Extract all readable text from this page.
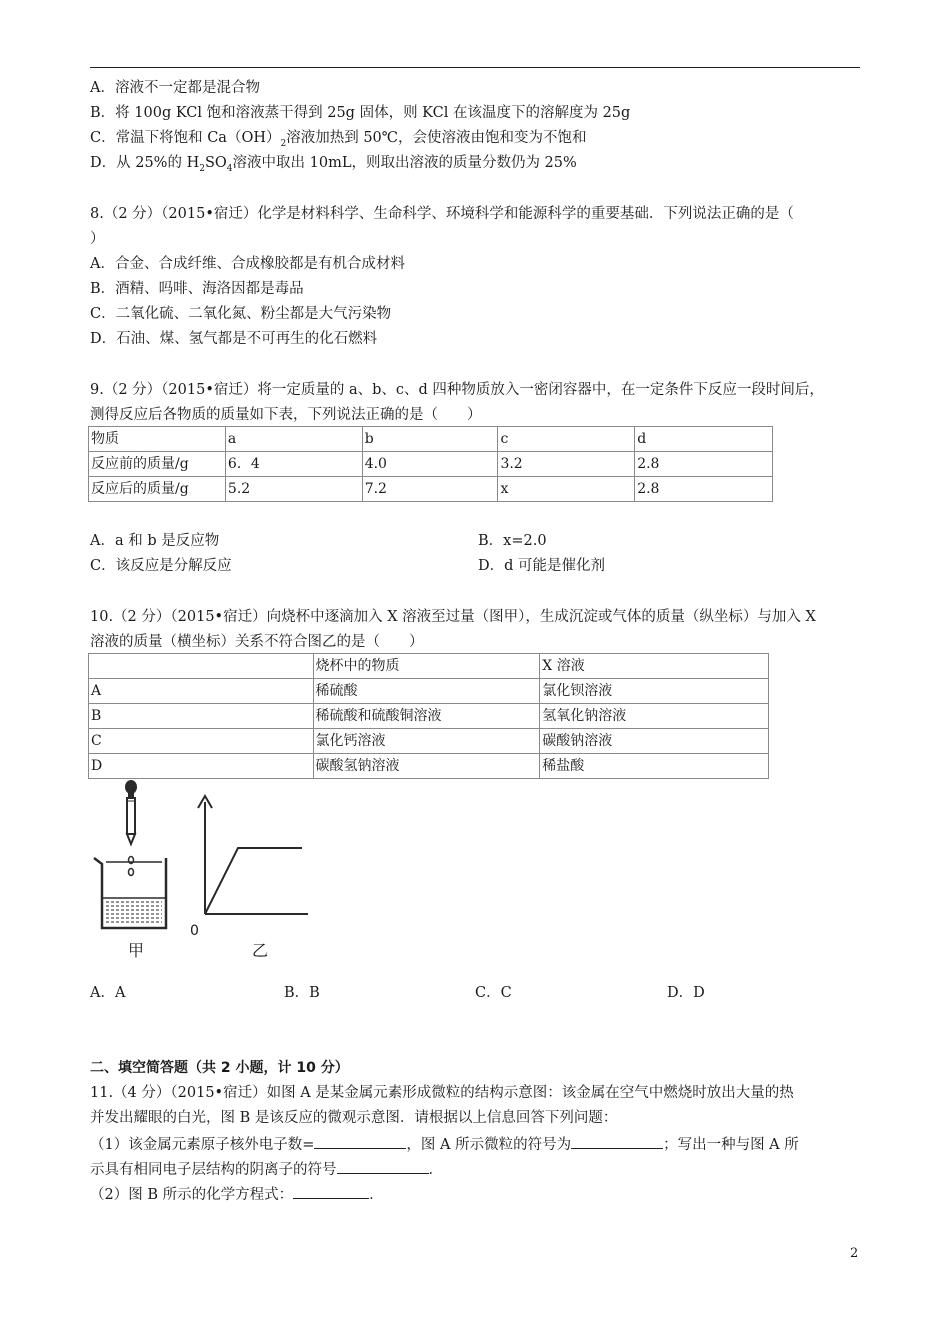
A．溶液不一定都是混合物
B．将 100g KCl 饱和溶液蒸干得到 25g 固体，则 KCl 在该温度下的溶解度为 25g
C．常温下将饱和 $Ca(OH)_2$溶液加热到 50℃，会使溶液由饱和变为不饱和
D．从 25%的 $H_2SO_4$溶液中取出 10mL，则取出溶液的质量分数仍为 25%
8.（2 分）（2015•宿迁）化学是材料科学、生命科学、环境科学和能源科学的重要基础．下列说法正确的是（
）
A．合金、合成纤维、合成橡胶都是有机合成材料
B．酒精、吗啡、海洛因都是毒品
C．二氧化硫、二氧化氮、粉尘都是大气污染物
D．石油、煤、氢气都是不可再生的化石燃料
9.（2 分）（2015•宿迁）将一定质量的 a、b、c、d 四种物质放入一密闭容器中，在一定条件下反应一段时间后，
测得反应后各物质的质量如下表，下列说法正确的是（　　）
物质	a	b	c	d
反应前的质量/g	6．4	4.0	3.2	2.8
反应后的质量/g	5.2	7.2	x	2.8
A．a 和 b 是反应物	B．x=2.0
C．该反应是分解反应	D．d 可能是催化剂
10.（2 分）（2015•宿迁）向烧杯中逐滴加入 X 溶液至过量（图甲），生成沉淀或气体的质量（纵坐标）与加入 X
溶液的质量（横坐标）关系不符合图乙的是（　　）
	烧杯中的物质	X 溶液
A	稀硫酸	氯化钡溶液
B	稀硫酸和硫酸铜溶液	氢氧化钠溶液
C	氯化钙溶液	碳酸钠溶液
D	碳酸氢钠溶液	稀盐酸
0
甲	乙
A．A	B．B	C．C	D．D
二、填空简答题（共 2 小题，计 10 分）
11.（4 分）（2015•宿迁）如图 A 是某金属元素形成微粒的结构示意图：该金属在空气中燃烧时放出大量的热
并发出耀眼的白光，图 B 是该反应的微观示意图．请根据以上信息回答下列问题：
（1）该金属元素原子核外电子数=	，图 A 所示微粒的符号为	；写出一种与图 A 所
示具有相同电子层结构的阴离子的符号	．
（2）图 B 所示的化学方程式：	．
2
